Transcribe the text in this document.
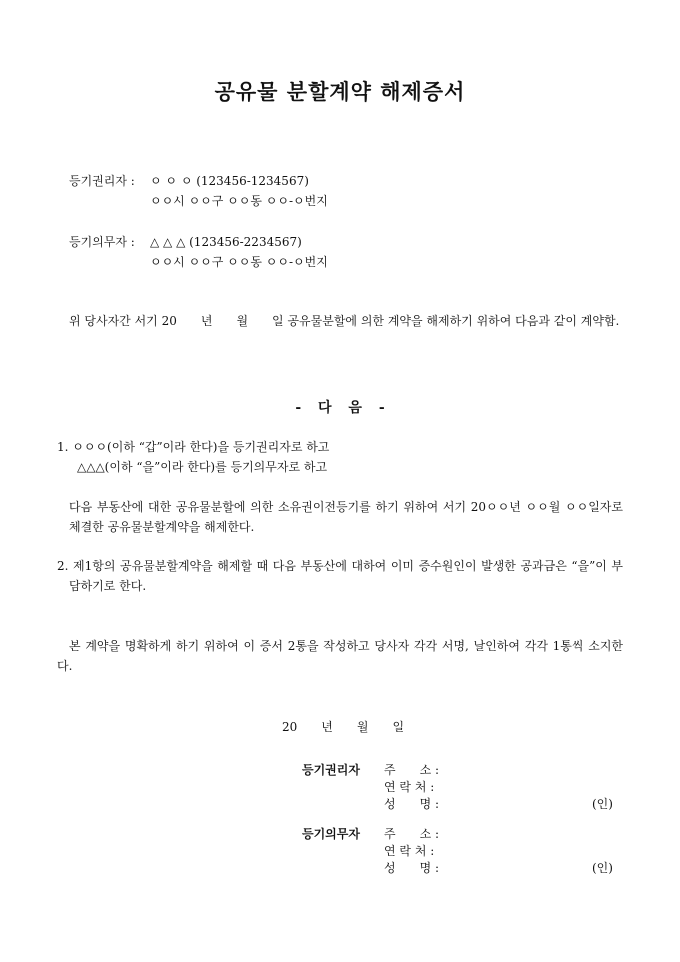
공유물 분할계약 해제증서
등기권리자 : ㅇ ㅇ ㅇ (123456-1234567)
ㅇㅇ시 ㅇㅇ구 ㅇㅇ동 ㅇㅇ-ㅇ번지
등기의무자 : △ △ △ (123456-2234567)
ㅇㅇ시 ㅇㅇ구 ㅇㅇ동 ㅇㅇ-ㅇ번지
위 당사자간 서기 20　　년　　월　　일 공유물분할에 의한 계약을 해제하기 위하여 다음과 같이 계약함.
- 다 음 -
1. ㅇㅇㅇ(이하 “갑”이라 한다)을 등기권리자로 하고
△△△(이하 “을”이라 한다)를 등기의무자로 하고
다음 부동산에 대한 공유물분할에 의한 소유권이전등기를 하기 위하여 서기 20ㅇㅇ년 ㅇㅇ월 ㅇㅇ일자로 체결한 공유물분할계약을 해제한다.
2. 제1항의 공유물분할계약을 해제할 때 다음 부동산에 대하여 이미 증수원인이 발생한 공과금은 “을”이 부담하기로 한다.
본 계약을 명확하게 하기 위하여 이 증서 2통을 작성하고 당사자 각각 서명, 날인하여 각각 1통씩 소지한다.
20　　년　　월　　일
등기권리자 주　　소 :
연 락 처 :
성　　명 :	(인)
등기의무자 주　　소 :
연 락 처 :
성　　명 :	(인)
